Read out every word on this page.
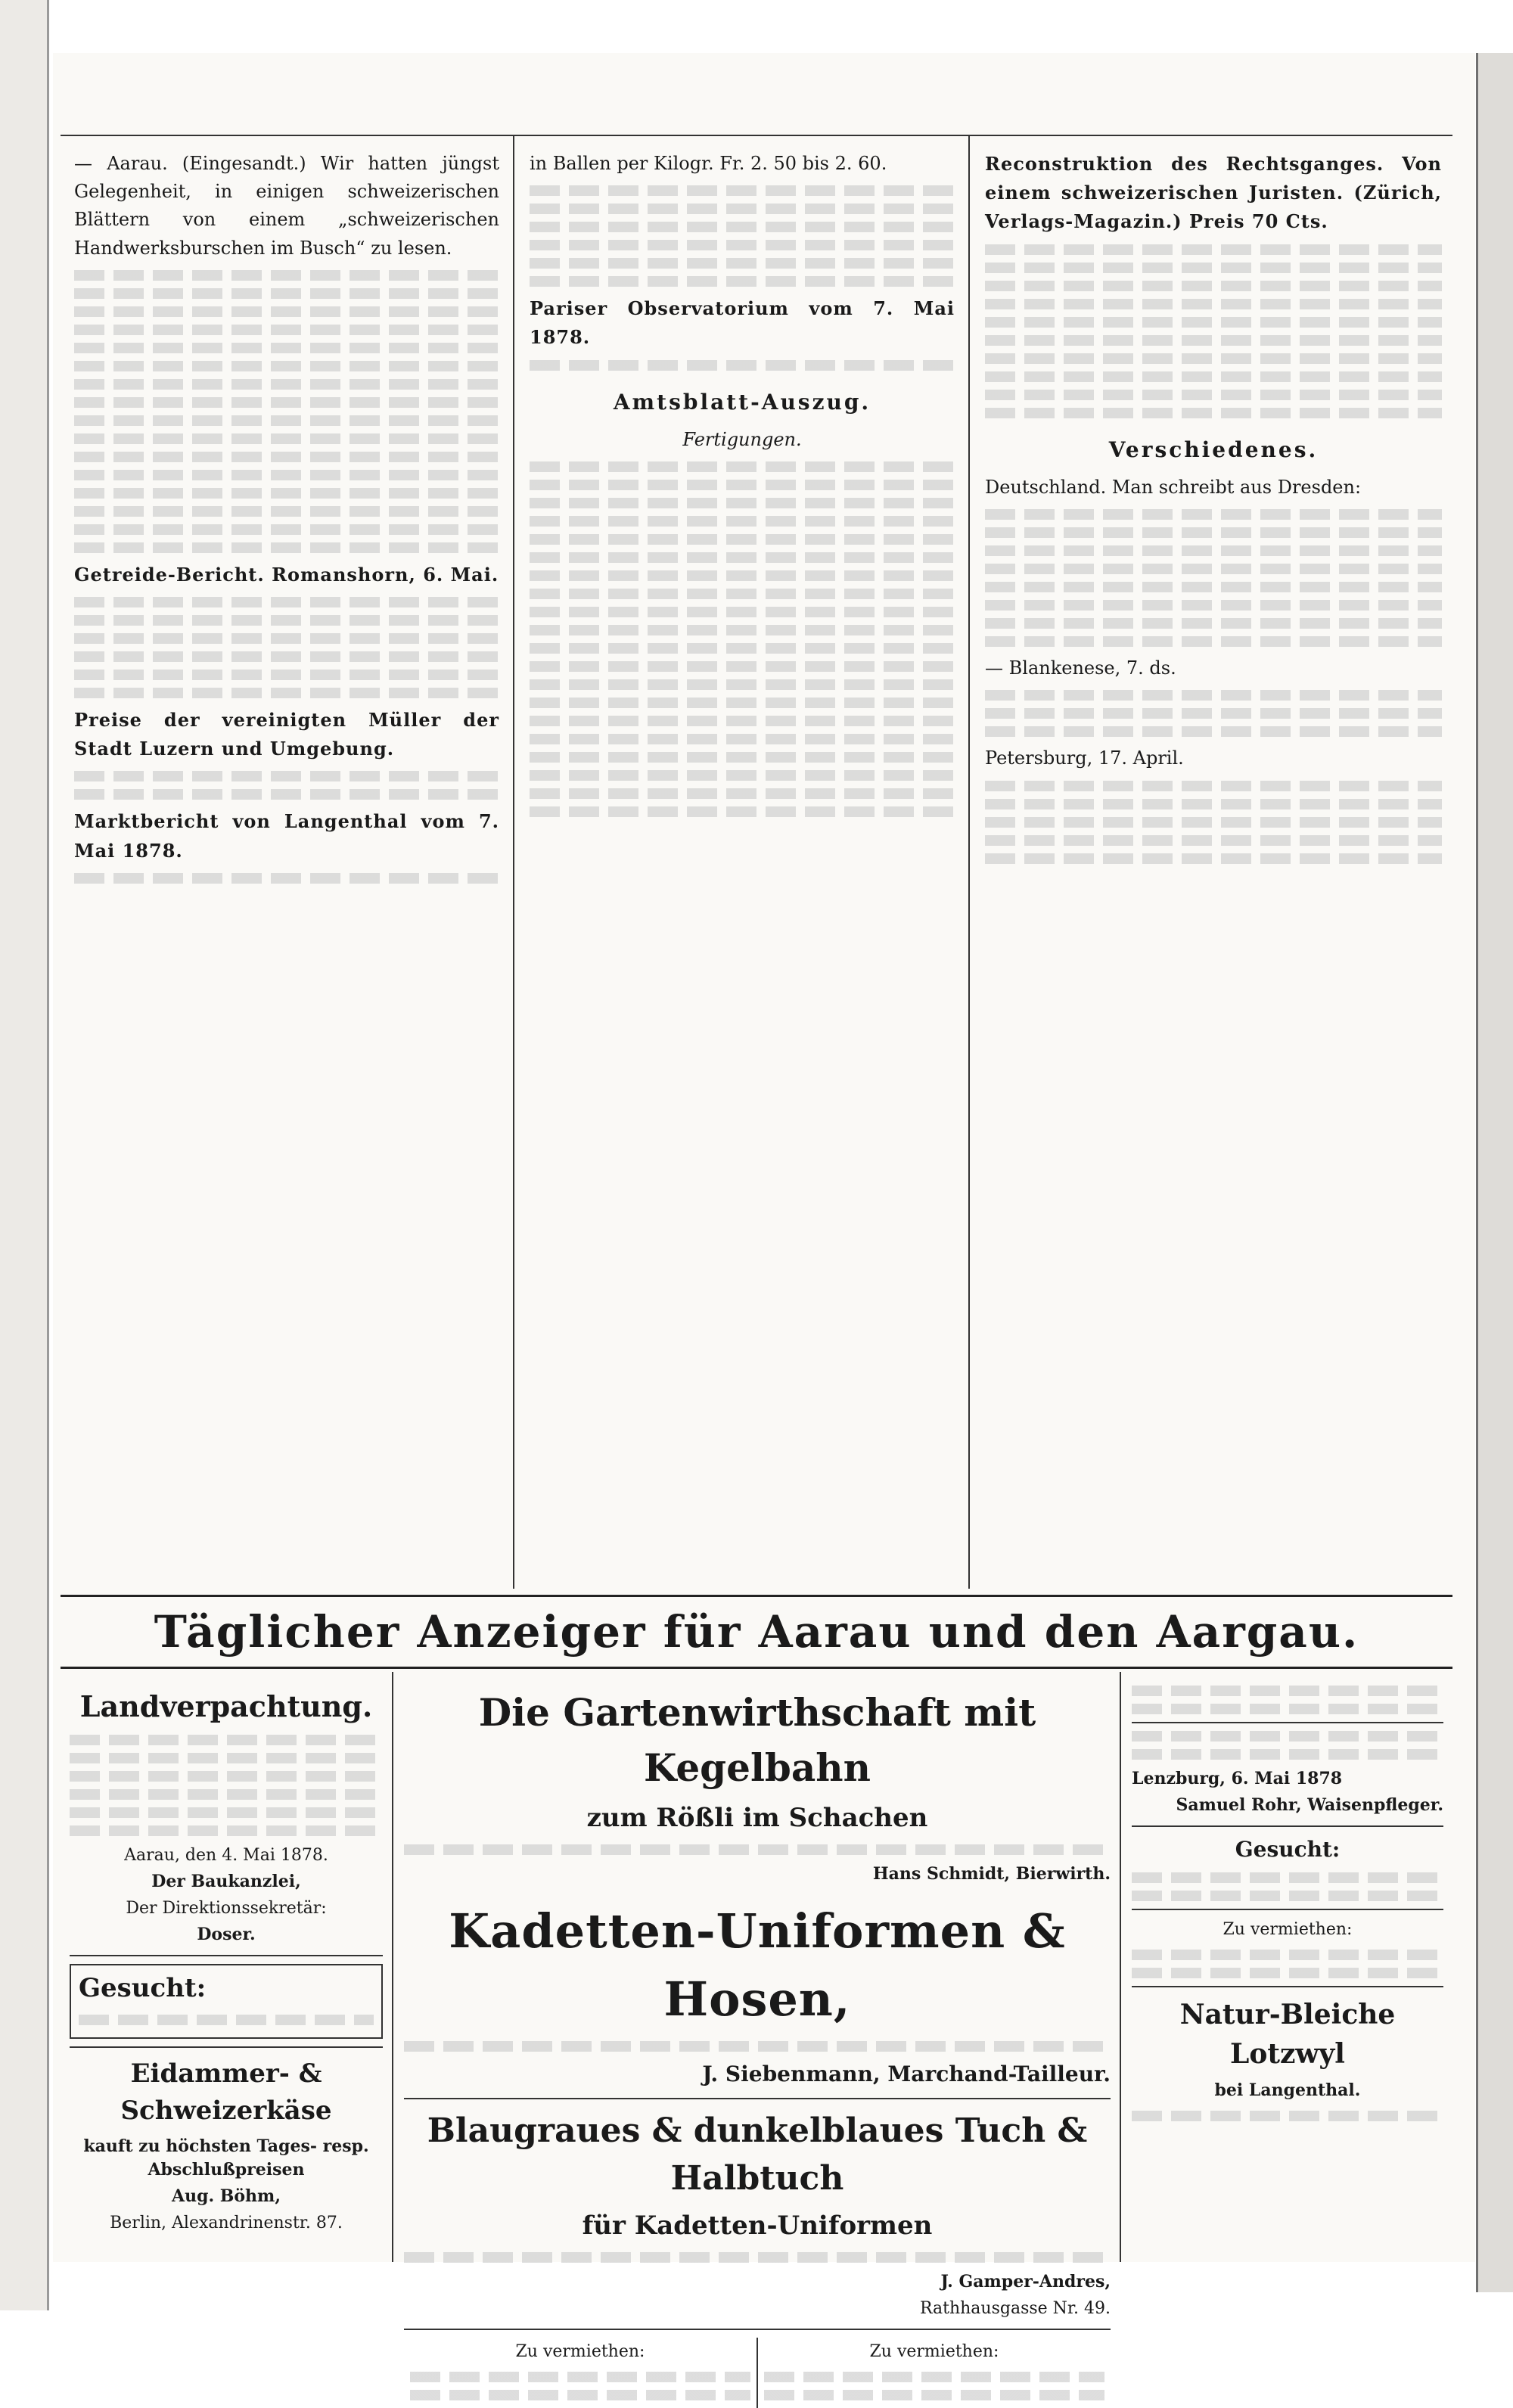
— Aarau. (Eingesandt.) Wir hatten jüngst Gelegenheit, in einigen schweizerischen Blättern von einem „schweizerischen Handwerksburschen im Busch“ zu lesen.

Getreide-Bericht. Romanshorn, 6. Mai.

Preise der vereinigten Müller der Stadt Luzern und Umgebung.

Marktbericht von Langenthal vom 7. Mai 1878.

in Ballen per Kilogr. Fr. 2. 50 bis 2. 60.

Pariser Observatorium vom 7. Mai 1878.

Amtsblatt-Auszug.
Fertigungen.

Reconstruktion des Rechtsganges. Von einem schweizerischen Juristen. (Zürich, Verlags-Magazin.) Preis 70 Cts.

Verschiedenes.

Deutschland. Man schreibt aus Dresden:

— Blankenese, 7. ds.

Petersburg, 17. April.

Täglicher Anzeiger für Aarau und den Aargau.
Landverpachtung.
Aarau, den 4. Mai 1878.
Der Baukanzlei,
Der Direktionssekretär:
Doser.
Gesucht:
Eidammer- & Schweizerkäse
kauft zu höchsten Tages- resp. Abschlußpreisen
Aug. Böhm,
Berlin, Alexandrinenstr. 87.
Die Gartenwirthschaft mit Kegelbahn
zum Rößli im Schachen
Hans Schmidt, Bierwirth.
Kadetten-Uniformen & Hosen,
J. Siebenmann, Marchand-Tailleur.
Blaugraues & dunkelblaues Tuch & Halbtuch
für Kadetten-Uniformen
J. Gamper-Andres,
Rathhausgasse Nr. 49.
Zu vermiethen:	Zu vermiethen:
Lenzburg, 6. Mai 1878
Samuel Rohr, Waisenpfleger.
Gesucht:
Zu vermiethen:
Natur-Bleiche Lotzwyl
bei Langenthal.
